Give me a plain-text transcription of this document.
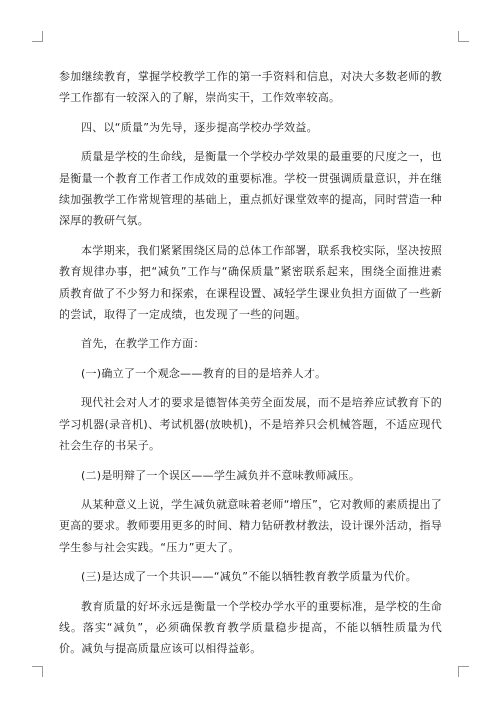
参加继续教育，掌握学校教学工作的第一手资料和信息，对决大多数老师的教学工作都有一较深入的了解，崇尚实干，工作效率较高。

四、以“质量”为先导，逐步提高学校办学效益。

质量是学校的生命线，是衡量一个学校办学效果的最重要的尺度之一，也是衡量一个教育工作者工作成效的重要标准。学校一贯强调质量意识，并在继续加强教学工作常规管理的基础上，重点抓好课堂效率的提高，同时营造一种深厚的教研气氛。

本学期来，我们紧紧围绕区局的总体工作部署，联系我校实际，坚决按照教育规律办事，把“减负”工作与“确保质量”紧密联系起来，围绕全面推进素质教育做了不少努力和探索，在课程设置、减轻学生课业负担方面做了一些新的尝试，取得了一定成绩，也发现了一些的问题。

首先，在教学工作方面：

(一)确立了一个观念——教育的目的是培养人才。

现代社会对人才的要求是德智体美劳全面发展，而不是培养应试教育下的学习机器(录音机)、考试机器(放映机)，不是培养只会机械答题，不适应现代社会生存的书呆子。

(二)是明辩了一个误区——学生减负并不意味教师减压。

从某种意义上说，学生减负就意味着老师“增压”，它对教师的素质提出了更高的要求。教师要用更多的时间、精力钻研教材教法，设计课外活动，指导学生参与社会实践。“压力”更大了。

(三)是达成了一个共识——“减负”不能以牺牲教育教学质量为代价。

教育质量的好坏永远是衡量一个学校办学水平的重要标准，是学校的生命线。落实“减负”，必须确保教育教学质量稳步提高，不能以牺牲质量为代价。减负与提高质量应该可以相得益彰。
